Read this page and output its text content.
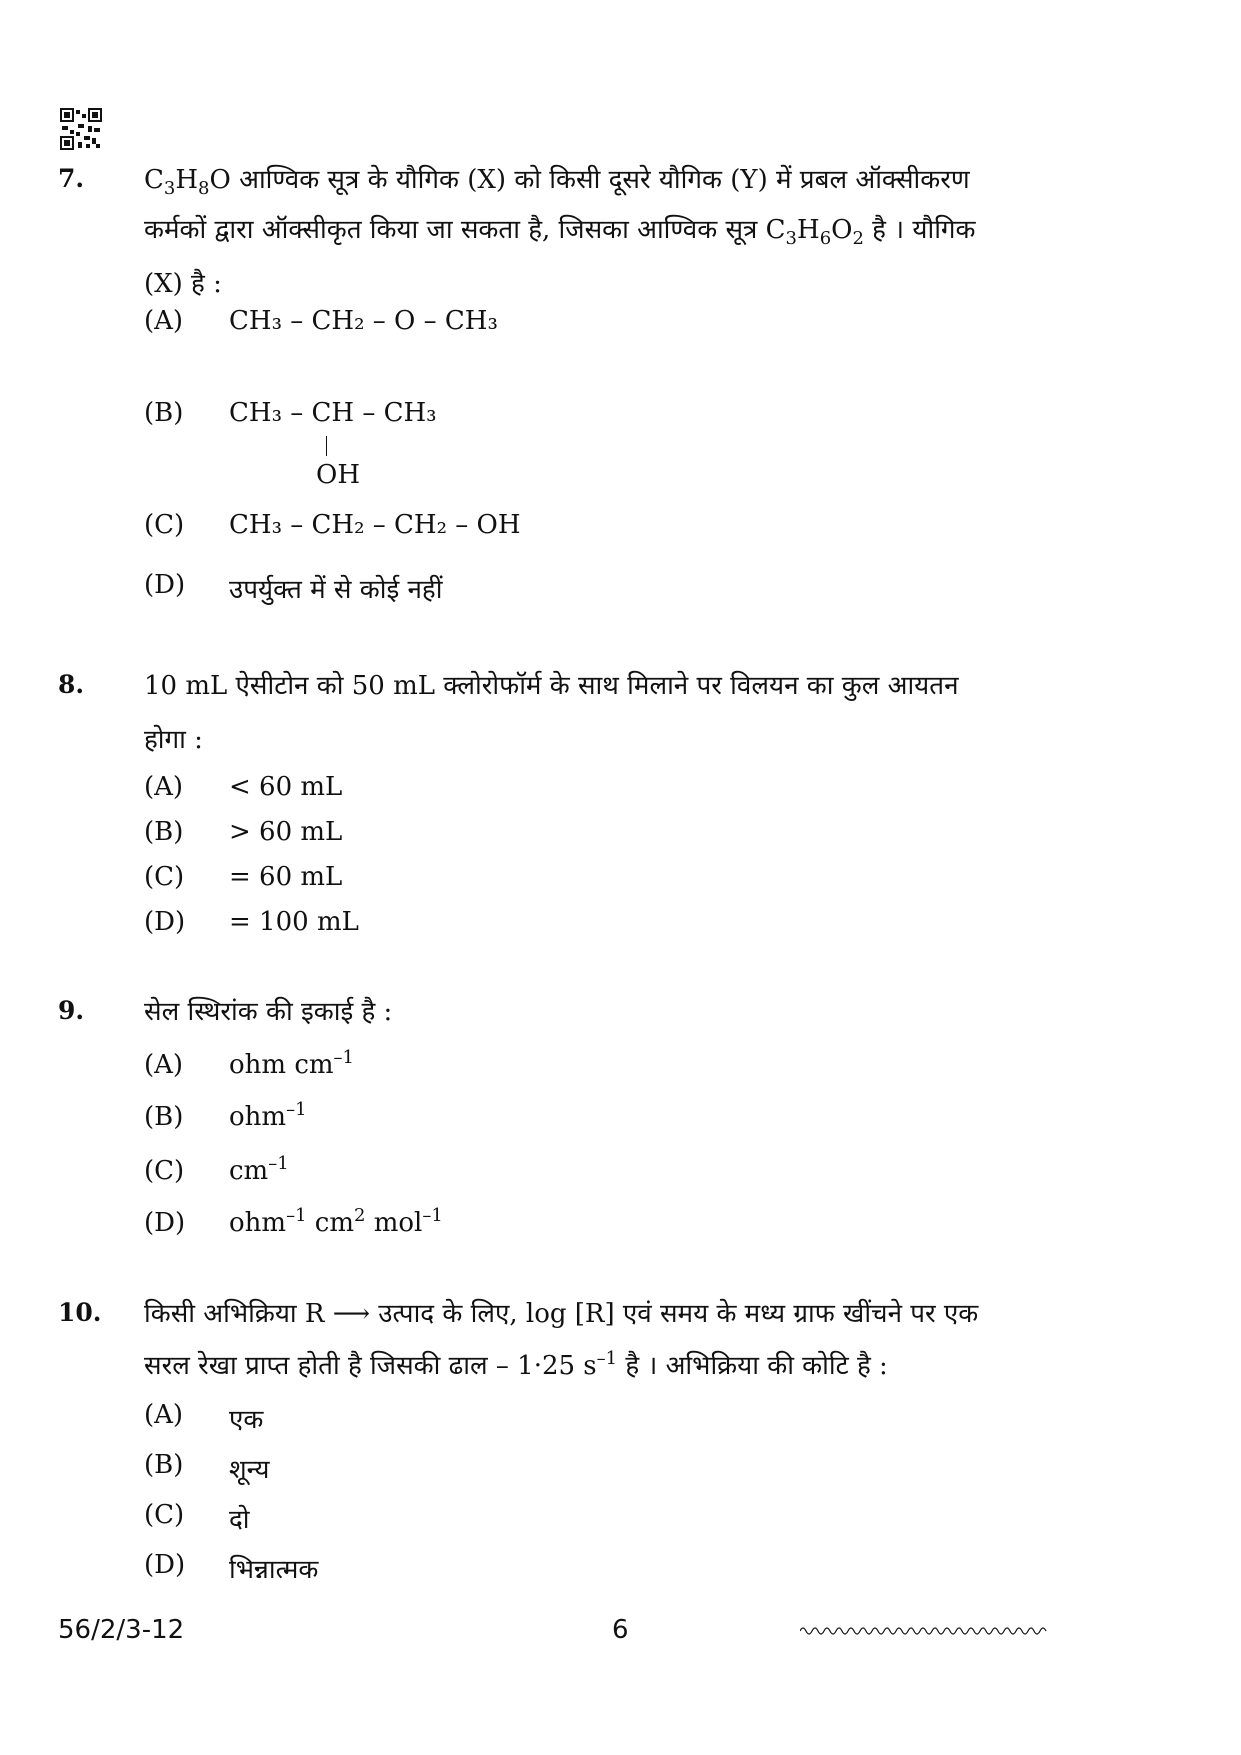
7. $C_3H_8O$ आण्विक सूत्र के यौगिक (X) को किसी दूसरे यौगिक (Y) में प्रबल ऑक्सीकरण
कर्मकों द्वारा ऑक्सीकृत किया जा सकता है, जिसका आण्विक सूत्र $C_3H_6O_2$ है । यौगिक
(X) है :
(A) CH₃ – CH₂ – O – CH₃
(B) CH₃ – CH – CH₃
OH
(C) CH₃ – CH₂ – CH₂ – OH
(D) उपर्युक्त में से कोई नहीं
8. 10 mL ऐसीटोन को 50 mL क्लोरोफॉर्म के साथ मिलाने पर विलयन का कुल आयतन
होगा :
(A) < 60 mL
(B) > 60 mL
(C) = 60 mL
(D) = 100 mL
9. सेल स्थिरांक की इकाई है :
(A) ohm $cm^{-1}$
(B) ohm$^{-1}$
(C) $cm^{-1}$
(D) ohm$^{-1}$ $cm^2$ mol$^{-1}$
10. किसी अभिक्रिया R ⟶ उत्पाद के लिए, log [R] एवं समय के मध्य ग्राफ खींचने पर एक
सरल रेखा प्राप्त होती है जिसकी ढाल – 1·25 $s^{-1}$ है । अभिक्रिया की कोटि है :
(A) एक
(B) शून्य
(C) दो
(D) भिन्नात्मक
56/2/3-12	6
